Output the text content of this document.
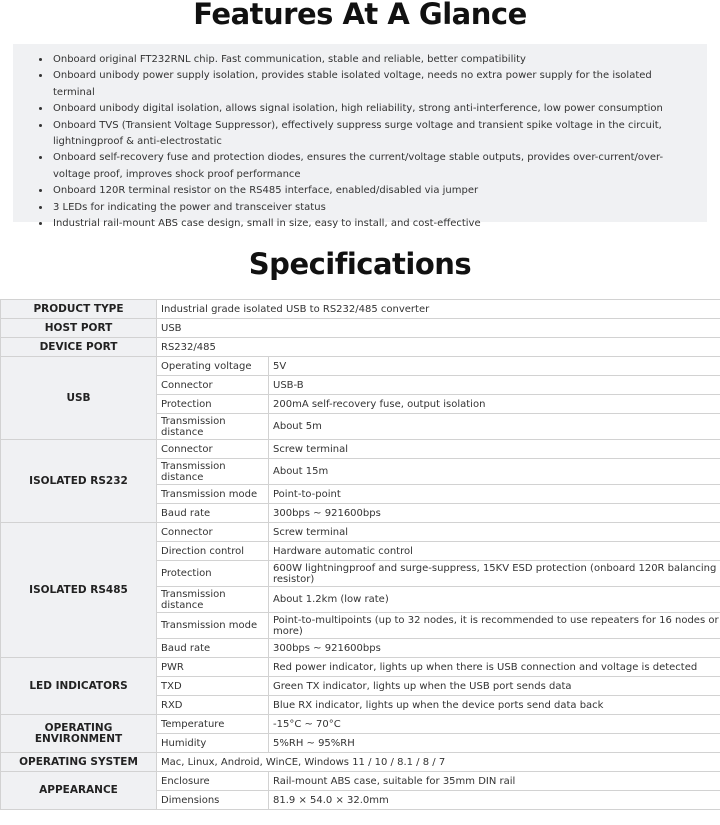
Features At A Glance
• Onboard original FT232RNL chip. Fast communication, stable and reliable, better compatibility
• Onboard unibody power supply isolation, provides stable isolated voltage, needs no extra power supply for the isolated terminal
• Onboard unibody digital isolation, allows signal isolation, high reliability, strong anti-interference, low power consumption
• Onboard TVS (Transient Voltage Suppressor), effectively suppress surge voltage and transient spike voltage in the circuit, lightningproof & anti-electrostatic
• Onboard self-recovery fuse and protection diodes, ensures the current/voltage stable outputs, provides over-current/over-voltage proof, improves shock proof performance
• Onboard 120R terminal resistor on the RS485 interface, enabled/disabled via jumper
• 3 LEDs for indicating the power and transceiver status
• Industrial rail-mount ABS case design, small in size, easy to install, and cost-effective
Specifications
PRODUCT TYPE	Industrial grade isolated USB to RS232/485 converter	
HOST PORT	USB	
DEVICE PORT	RS232/485	
USB	Operating voltage	5V
	Connector	USB-B
	Protection	200mA self-recovery fuse, output isolation
	Transmission distance	About 5m
ISOLATED RS232	Connector	Screw terminal
	Transmission distance	About 15m
	Transmission mode	Point-to-point
	Baud rate	300bps ~ 921600bps
ISOLATED RS485	Connector	Screw terminal
	Direction control	Hardware automatic control
	Protection	600W lightningproof and surge-suppress, 15KV ESD protection (onboard 120R balancing resistor)
	Transmission distance	About 1.2km (low rate)
	Transmission mode	Point-to-multipoints (up to 32 nodes, it is recommended to use repeaters for 16 nodes or more)
	Baud rate	300bps ~ 921600bps
LED INDICATORS	PWR	Red power indicator, lights up when there is USB connection and voltage is detected
	TXD	Green TX indicator, lights up when the USB port sends data
	RXD	Blue RX indicator, lights up when the device ports send data back
OPERATING ENVIRONMENT	Temperature	-15°C ~ 70°C
	Humidity	5%RH ~ 95%RH
OPERATING SYSTEM	Mac, Linux, Android, WinCE, Windows 11 / 10 / 8.1 / 8 / 7	
APPEARANCE	Enclosure	Rail-mount ABS case, suitable for 35mm DIN rail
	Dimensions	81.9 × 54.0 × 32.0mm
